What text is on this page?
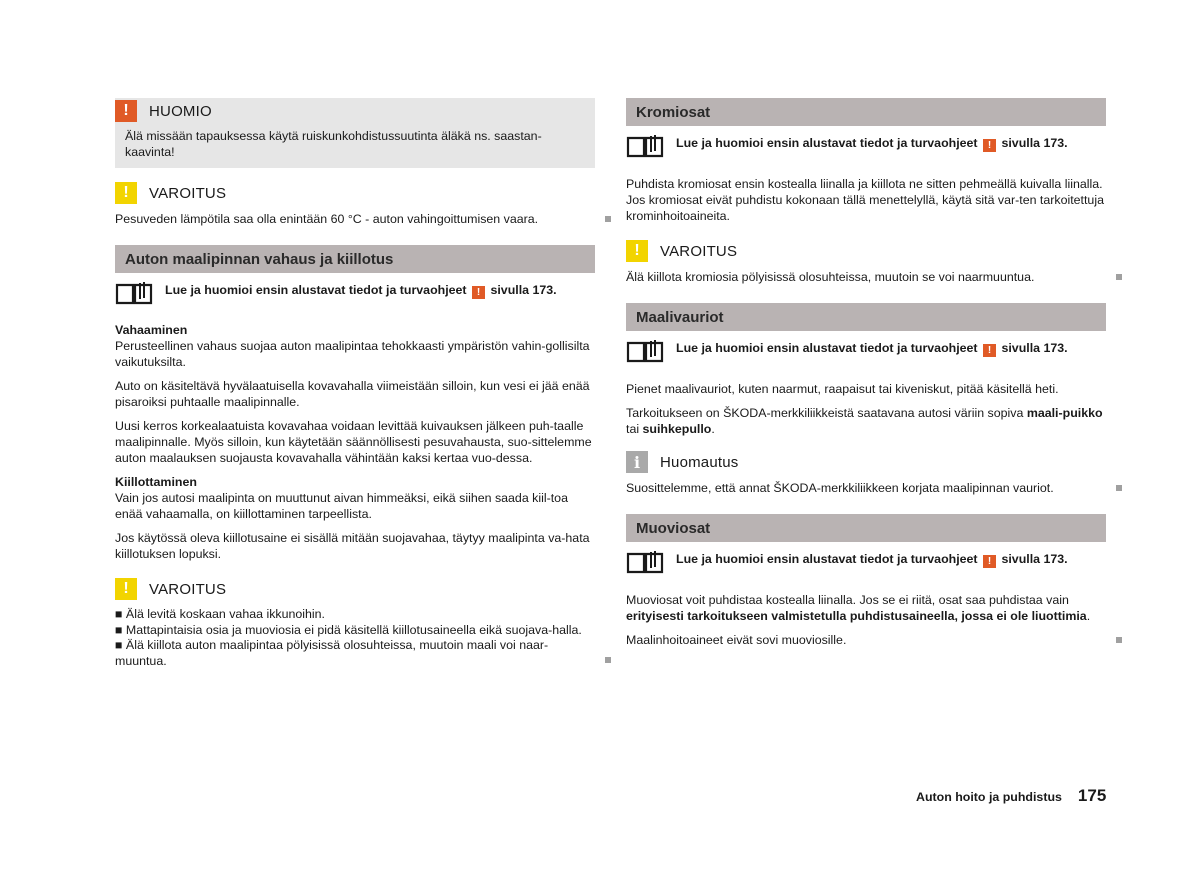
!	HUOMIO
Älä missään tapauksessa käytä ruiskunkohdistussuutinta äläkä ns. saastan-kaavinta!
!	VAROITUS
Pesuveden lämpötila saa olla enintään 60 °C - auton vahingoittumisen vaara.
Auton maalipinnan vahaus ja kiillotus
Lue ja huomioi ensin alustavat tiedot ja turvaohjeet ! sivulla 173.

Vahaaminen

Perusteellinen vahaus suojaa auton maalipintaa tehokkaasti ympäristön vahin-gollisilta vaikutuksilta.

Auto on käsiteltävä hyvälaatuisella kovavahalla viimeistään silloin, kun vesi ei jää enää pisaroiksi puhtaalle maalipinnalle.

Uusi kerros korkealaatuista kovavahaa voidaan levittää kuivauksen jälkeen puh-taalle maalipinnalle. Myös silloin, kun käytetään säännöllisesti pesuvahausta, suo-sittelemme auton maalauksen suojausta kovavahalla vähintään kaksi kertaa vuo-dessa.

Kiillottaminen

Vain jos autosi maalipinta on muuttunut aivan himmeäksi, eikä siihen saada kiil-toa enää vahaamalla, on kiillottaminen tarpeellista.

Jos käytössä oleva kiillotusaine ei sisällä mitään suojavahaa, täytyy maalipinta va-hata kiillotuksen lopuksi.

!	VAROITUS
■ Älä levitä koskaan vahaa ikkunoihin.
■ Mattapintaisia osia ja muoviosia ei pidä käsitellä kiillotusaineella eikä suojava-halla.
■ Älä kiillota auton maalipintaa pölyisissä olosuhteissa, muutoin maali voi naar-muuntua.
Kromiosat
Lue ja huomioi ensin alustavat tiedot ja turvaohjeet ! sivulla 173.

Puhdista kromiosat ensin kostealla liinalla ja kiillota ne sitten pehmeällä kuivalla liinalla. Jos kromiosat eivät puhdistu kokonaan tällä menettelyllä, käytä sitä var-ten tarkoitettuja krominhoitoaineita.

!	VAROITUS
Älä kiillota kromiosia pölyisissä olosuhteissa, muutoin se voi naarmuuntua.
Maalivauriot
Lue ja huomioi ensin alustavat tiedot ja turvaohjeet ! sivulla 173.

Pienet maalivauriot, kuten naarmut, raapaisut tai kiveniskut, pitää käsitellä heti.

Tarkoitukseen on ŠKODA-merkkiliikkeistä saatavana autosi väriin sopiva maali-puikko tai suihkepullo.

i	Huomautus
Suosittelemme, että annat ŠKODA-merkkiliikkeen korjata maalipinnan vauriot.
Muoviosat
Lue ja huomioi ensin alustavat tiedot ja turvaohjeet ! sivulla 173.

Muoviosat voit puhdistaa kostealla liinalla. Jos se ei riitä, osat saa puhdistaa vain erityisesti tarkoitukseen valmistetulla puhdistusaineella, jossa ei ole liuottimia.

Maalinhoitoaineet eivät sovi muoviosille.
Auton hoito ja puhdistus 175
